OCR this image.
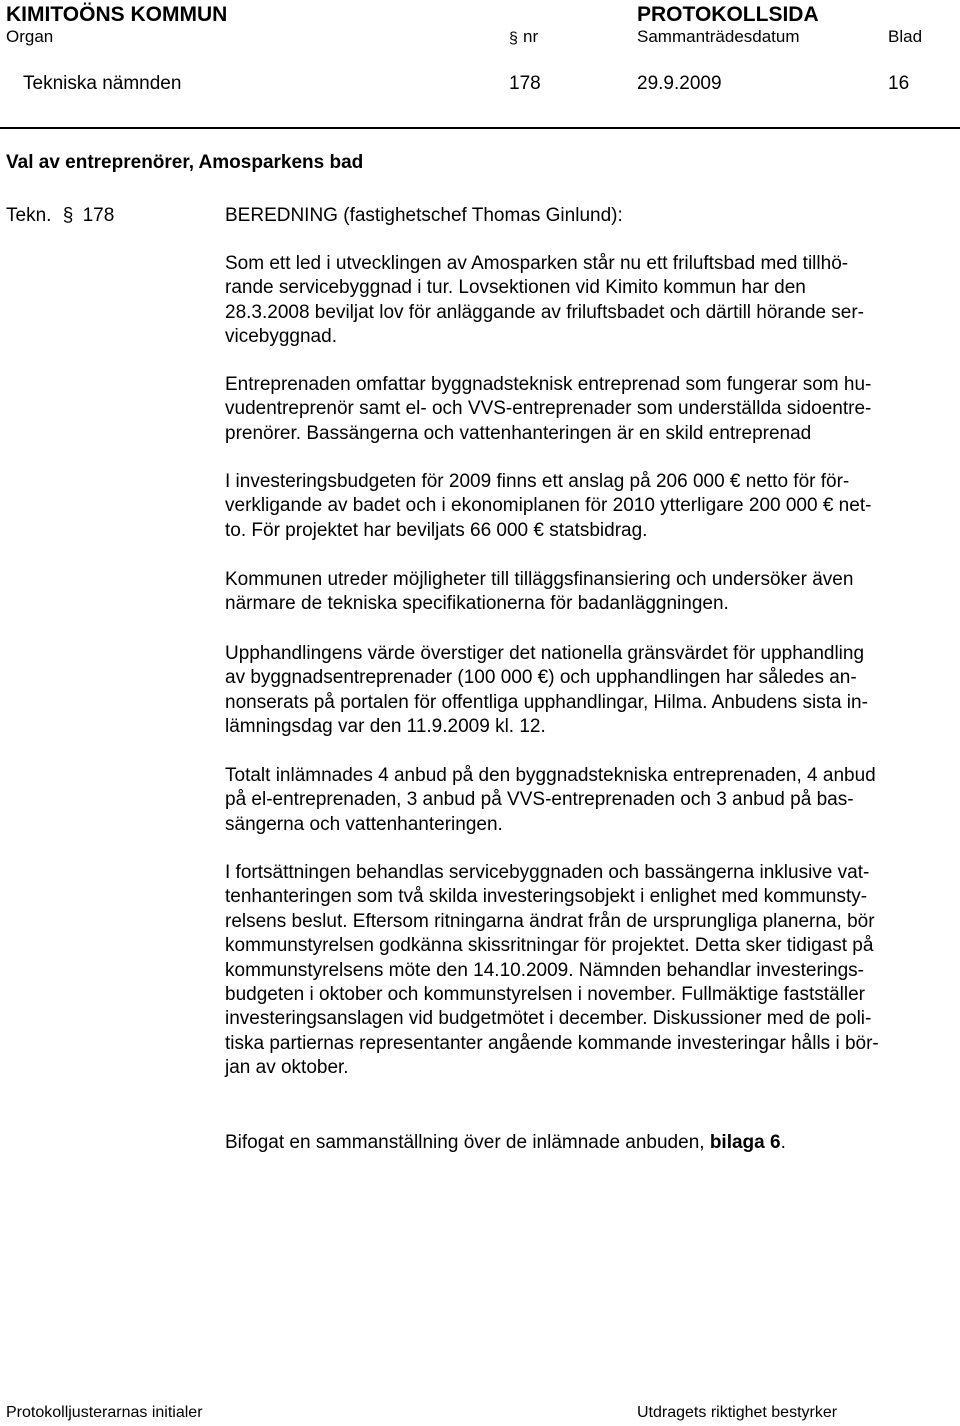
KIMITOÖNS KOMMUN	PROTOKOLLSIDA
Organ	§ nr	Sammanträdesdatum	Blad
Tekniska nämnden	178	29.9.2009	16
Val av entreprenörer, Amosparkens bad
Tekn. § 178	BEREDNING (fastighetschef Thomas Ginlund):
Som ett led i utvecklingen av Amosparken står nu ett friluftsbad med tillhö-
rande servicebyggnad i tur. Lovsektionen vid Kimito kommun har den
28.3.2008 beviljat lov för anläggande av friluftsbadet och därtill hörande ser-
vicebyggnad.
Entreprenaden omfattar byggnadsteknisk entreprenad som fungerar som hu-
vudentreprenör samt el- och VVS-entreprenader som underställda sidoentre-
prenörer. Bassängerna och vattenhanteringen är en skild entreprenad
I investeringsbudgeten för 2009 finns ett anslag på 206 000 € netto för för-
verkligande av badet och i ekonomiplanen för 2010 ytterligare 200 000 € net-
to. För projektet har beviljats 66 000 € statsbidrag.
Kommunen utreder möjligheter till tilläggsfinansiering och undersöker även
närmare de tekniska specifikationerna för badanläggningen.
Upphandlingens värde överstiger det nationella gränsvärdet för upphandling
av byggnadsentreprenader (100 000 €) och upphandlingen har således an-
nonserats på portalen för offentliga upphandlingar, Hilma. Anbudens sista in-
lämningsdag var den 11.9.2009 kl. 12.
Totalt inlämnades 4 anbud på den byggnadstekniska entreprenaden, 4 anbud
på el-entreprenaden, 3 anbud på VVS-entreprenaden och 3 anbud på bas-
sängerna och vattenhanteringen.
I fortsättningen behandlas servicebyggnaden och bassängerna inklusive vat-
tenhanteringen som två skilda investeringsobjekt i enlighet med kommunsty-
relsens beslut. Eftersom ritningarna ändrat från de ursprungliga planerna, bör
kommunstyrelsen godkänna skissritningar för projektet. Detta sker tidigast på
kommunstyrelsens möte den 14.10.2009. Nämnden behandlar investerings-
budgeten i oktober och kommunstyrelsen i november. Fullmäktige fastställer
investeringsanslagen vid budgetmötet i december. Diskussioner med de poli-
tiska partiernas representanter angående kommande investeringar hålls i bör-
jan av oktober.
Bifogat en sammanställning över de inlämnade anbuden, bilaga 6.
Protokolljusterarnas initialer	Utdragets riktighet bestyrker
